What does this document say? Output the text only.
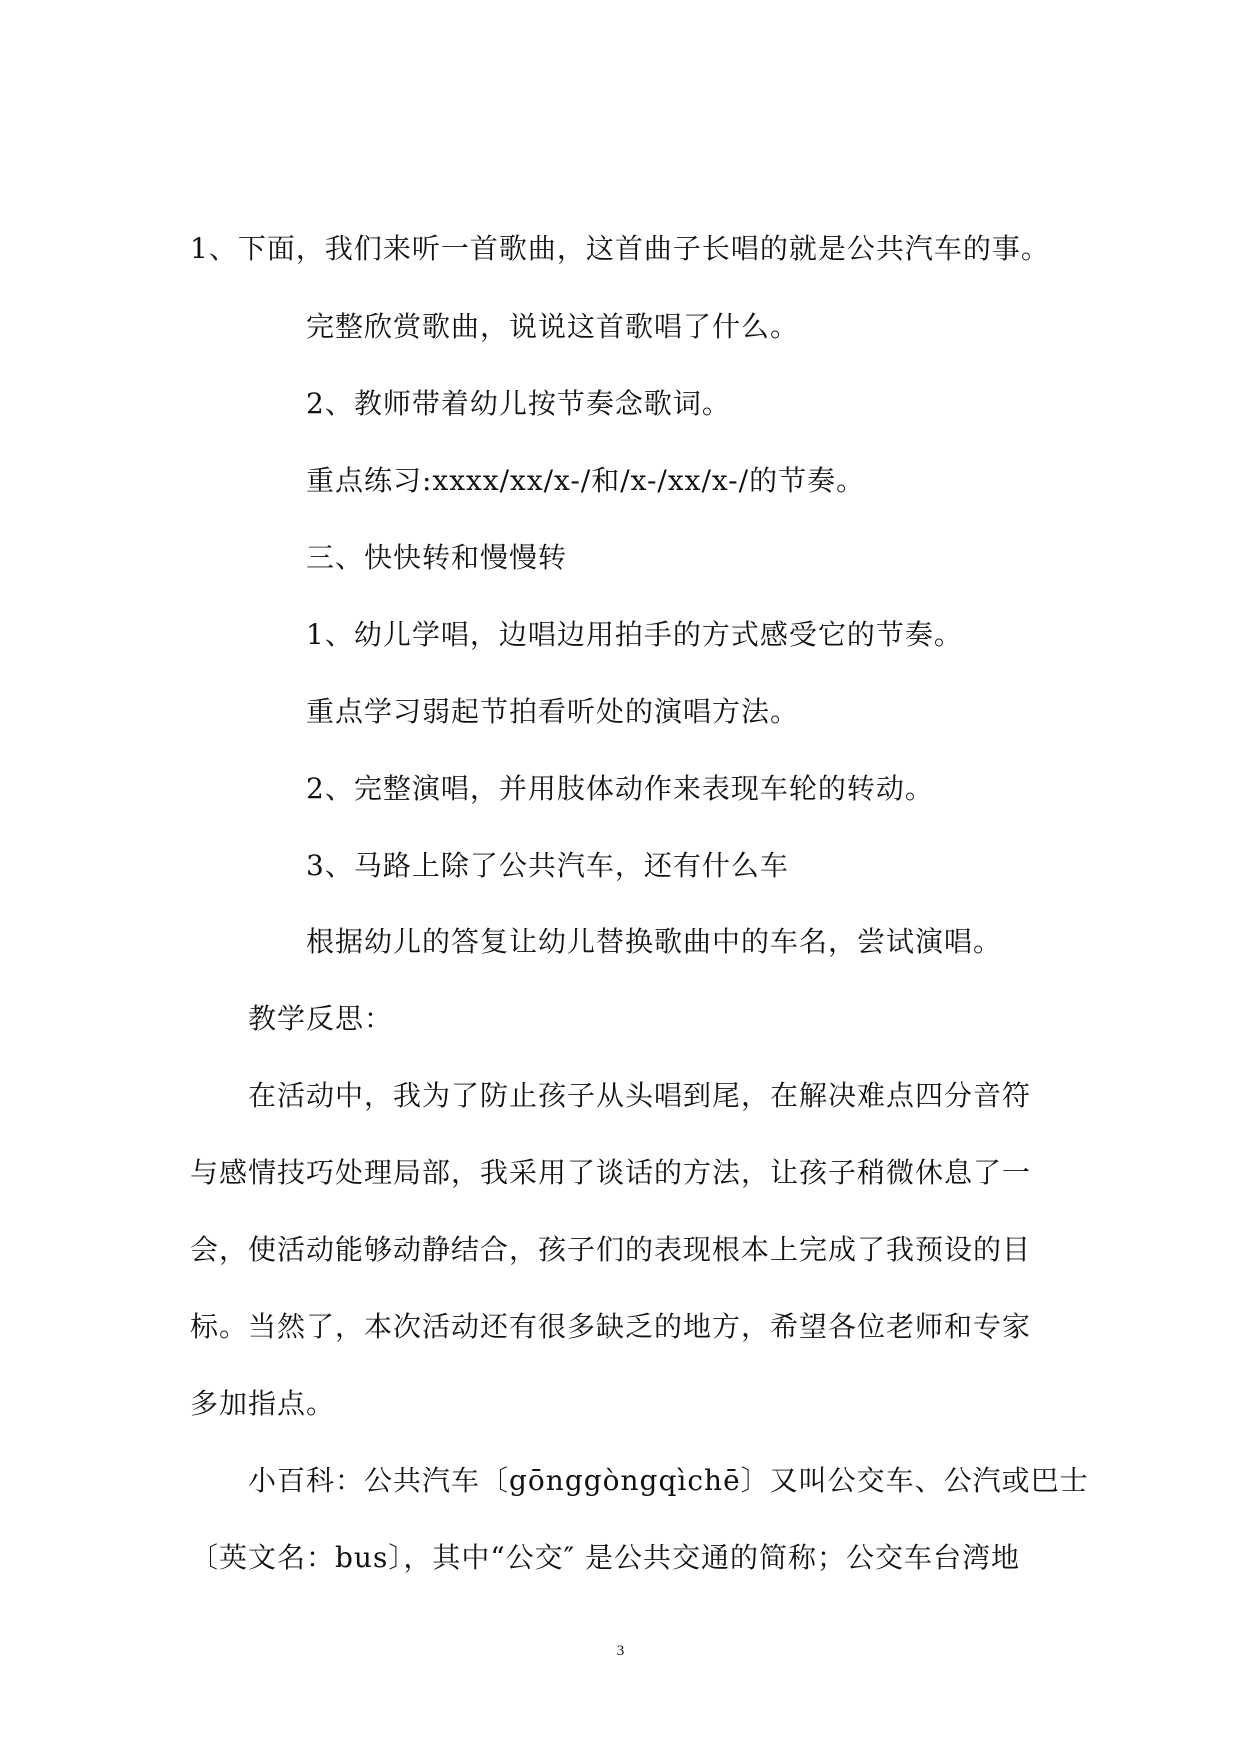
1、下面，我们来听一首歌曲，这首曲子长唱的就是公共汽车的事。
完整欣赏歌曲，说说这首歌唱了什么。
2、教师带着幼儿按节奏念歌词。
重点练习:xxxx/xx/x-/和/x-/xx/x-/的节奏。
三、快快转和慢慢转
1、幼儿学唱，边唱边用拍手的方式感受它的节奏。
重点学习弱起节拍看听处的演唱方法。
2、完整演唱，并用肢体动作来表现车轮的转动。
3、马路上除了公共汽车，还有什么车
根据幼儿的答复让幼儿替换歌曲中的车名，尝试演唱。
教学反思：
在活动中，我为了防止孩子从头唱到尾，在解决难点四分音符
与感情技巧处理局部，我采用了谈话的方法，让孩子稍微休息了一
会，使活动能够动静结合，孩子们的表现根本上完成了我预设的目
标。当然了，本次活动还有很多缺乏的地方，希望各位老师和专家
多加指点。
小百科：公共汽车〔gōnggòngqìchē〕又叫公交车、公汽或巴士
〔英文名：bus〕，其中“公交″ 是公共交通的简称；公交车台湾地
3
